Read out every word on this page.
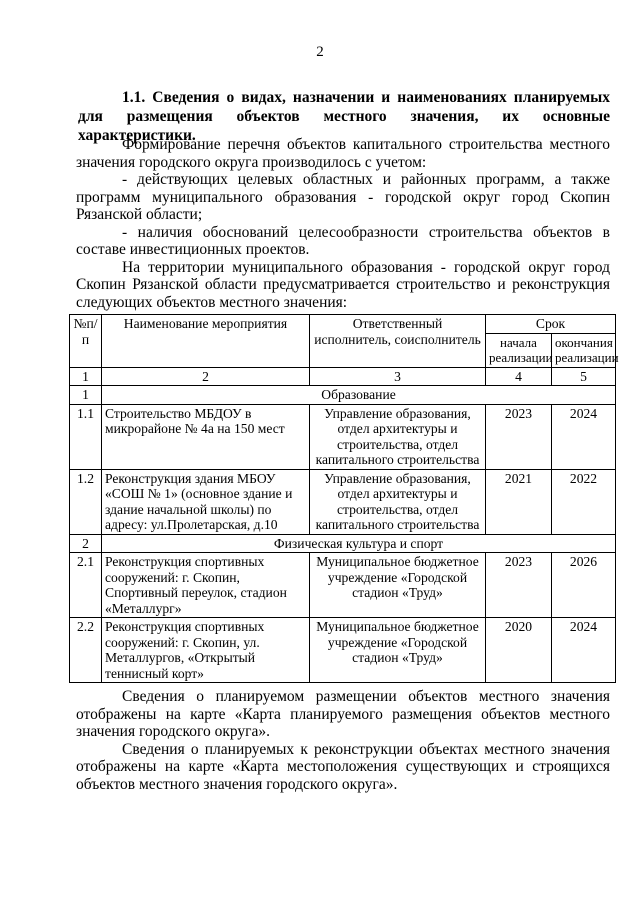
2
1.1. Сведения о видах, назначении и наименованиях планируемых для размещения объектов местного значения, их основные характеристики.

Формирование перечня объектов капитального строительства местного значения городского округа производилось с учетом:

- действующих целевых областных и районных программ, а также программ муниципального образования - городской округ город Скопин Рязанской области;

- наличия обоснований целесообразности строительства объектов в составе инвестиционных проектов.

На территории муниципального образования - городской округ город Скопин Рязанской области предусматривается строительство и реконструкция следующих объектов местного значения:

№п/п	Наименование мероприятия	Ответственный исполнитель, соисполнитель	Срок	
			начала реализации	окончания реализации
1	2	3	4	5
1	Образование			
1.1	Строительство МБДОУ в микрорайоне № 4а на 150 мест	Управление образования, отдел архитектуры и строительства, отдел капитального строительства	2023	2024
1.2	Реконструкция здания МБОУ «СОШ № 1» (основное здание и здание начальной школы) по адресу: ул.Пролетарская, д.10	Управление образования, отдел архитектуры и строительства, отдел капитального строительства	2021	2022
2	Физическая культура и спорт			
2.1	Реконструкция спортивных сооружений: г. Скопин, Спортивный переулок, стадион «Металлург»	Муниципальное бюджетное учреждение «Городской стадион «Труд»	2023	2026
2.2	Реконструкция спортивных сооружений: г. Скопин, ул. Металлургов, «Открытый теннисный корт»	Муниципальное бюджетное учреждение «Городской стадион «Труд»	2020	2024

Сведения о планируемом размещении объектов местного значения отображены на карте «Карта планируемого размещения объектов местного значения городского округа».

Сведения о планируемых к реконструкции объектах местного значения отображены на карте «Карта местоположения существующих и строящихся объектов местного значения городского округа».
